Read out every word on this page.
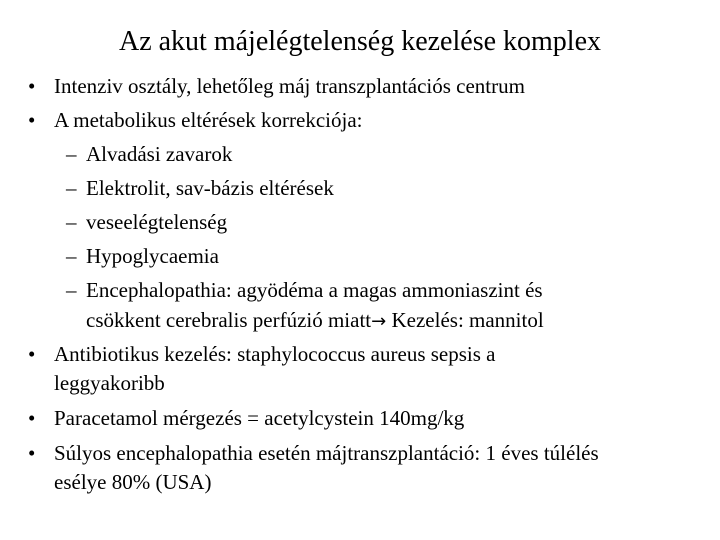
Az akut májelégtelenség kezelése komplex
• Intenziv osztály, lehetőleg máj transzplantációs centrum
• A metabolikus eltérések korrekciója:
– Alvadási zavarok
– Elektrolit, sav-bázis eltérések
– veseelégtelenség
– Hypoglycaemia
– Encephalopathia: agyödéma a magas ammoniaszint és
csökkent cerebralis perfúzió miatt→ Kezelés: mannitol
• Antibiotikus kezelés: staphylococcus aureus sepsis a
leggyakoribb
• Paracetamol mérgezés = acetylcystein 140mg/kg
• Súlyos encephalopathia esetén májtranszplantáció: 1 éves túlélés
esélye 80% (USA)
